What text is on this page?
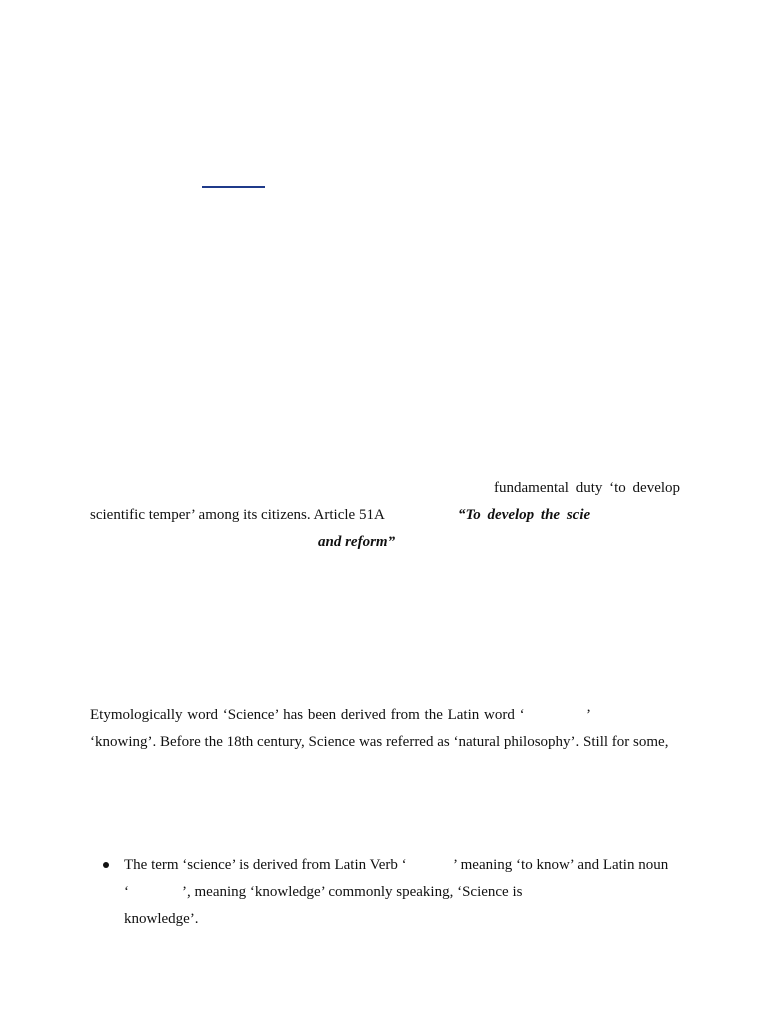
fundamental duty ‘to develop
scientific temper’ among its citizens. Article 51A	“To develop the scie
and reform”
Etymologically word ‘Science’ has been derived from the Latin word ‘	’
‘knowing’. Before the 18th century, Science was referred as ‘natural philosophy’. Still for some,
The term ‘science’ is derived from Latin Verb ‘	’ meaning ‘to know’ and Latin noun
‘	’, meaning ‘knowledge’ commonly speaking, ‘Science is
knowledge’.
